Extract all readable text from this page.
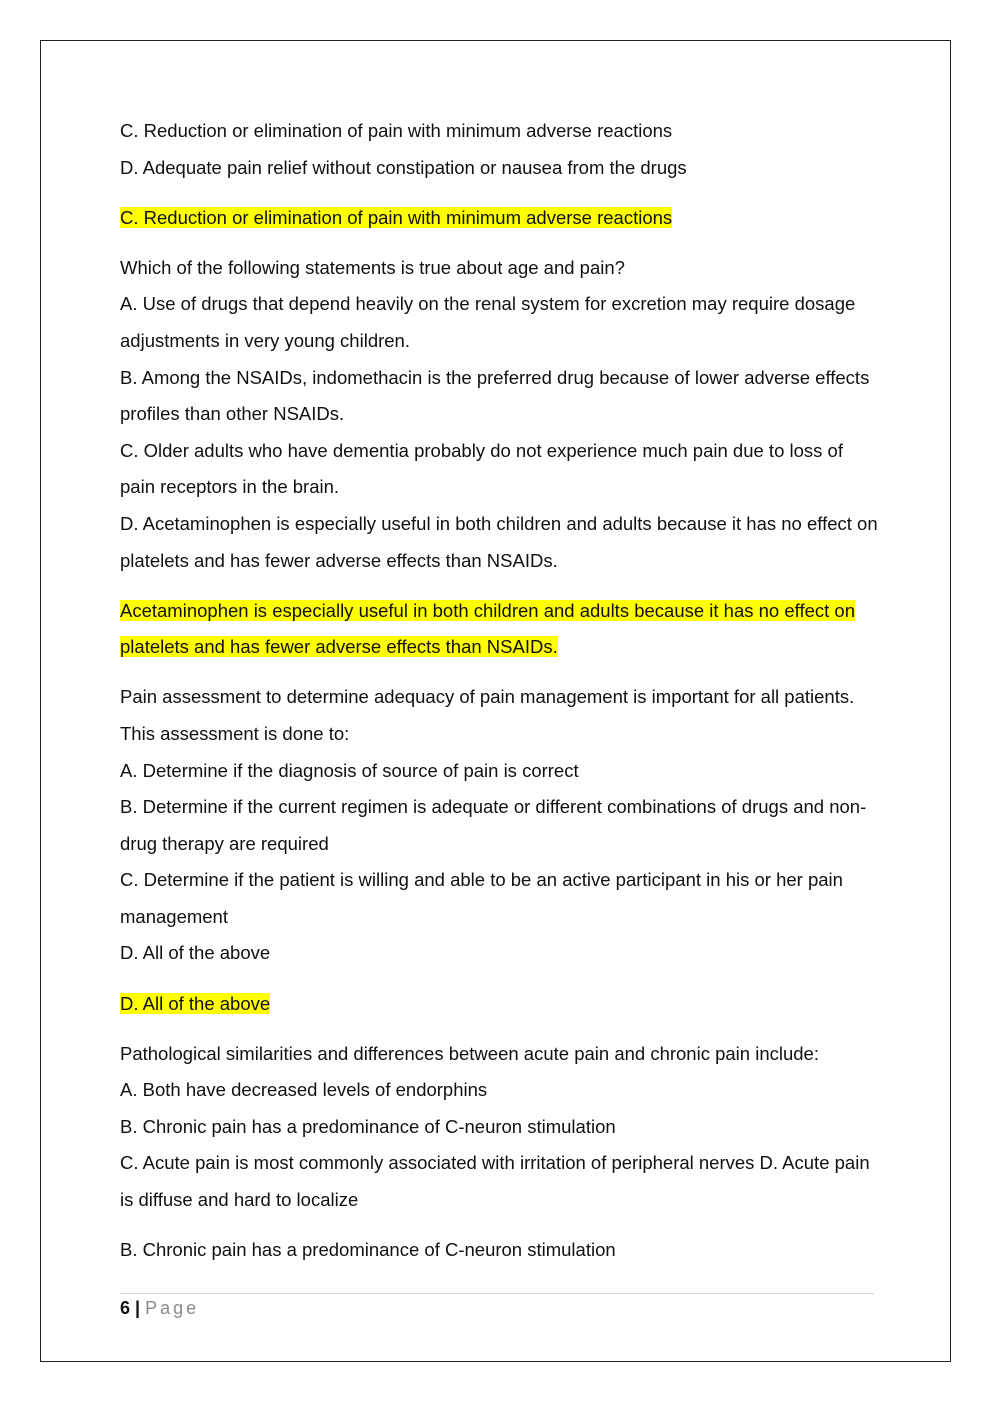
C. Reduction or elimination of pain with minimum adverse reactions

D. Adequate pain relief without constipation or nausea from the drugs

C. Reduction or elimination of pain with minimum adverse reactions

Which of the following statements is true about age and pain?

A. Use of drugs that depend heavily on the renal system for excretion may require dosage adjustments in very young children.

B. Among the NSAIDs, indomethacin is the preferred drug because of lower adverse effects profiles than other NSAIDs.

C. Older adults who have dementia probably do not experience much pain due to loss of pain receptors in the brain.

D. Acetaminophen is especially useful in both children and adults because it has no effect on platelets and has fewer adverse effects than NSAIDs.

Acetaminophen is especially useful in both children and adults because it has no effect on platelets and has fewer adverse effects than NSAIDs.

Pain assessment to determine adequacy of pain management is important for all patients. This assessment is done to:

A. Determine if the diagnosis of source of pain is correct

B. Determine if the current regimen is adequate or different combinations of drugs and non-drug therapy are required

C. Determine if the patient is willing and able to be an active participant in his or her pain management

D. All of the above

D. All of the above

Pathological similarities and differences between acute pain and chronic pain include:

A. Both have decreased levels of endorphins

B. Chronic pain has a predominance of C-neuron stimulation

C. Acute pain is most commonly associated with irritation of peripheral nerves D. Acute pain is diffuse and hard to localize

B. Chronic pain has a predominance of C-neuron stimulation

6 | Page
